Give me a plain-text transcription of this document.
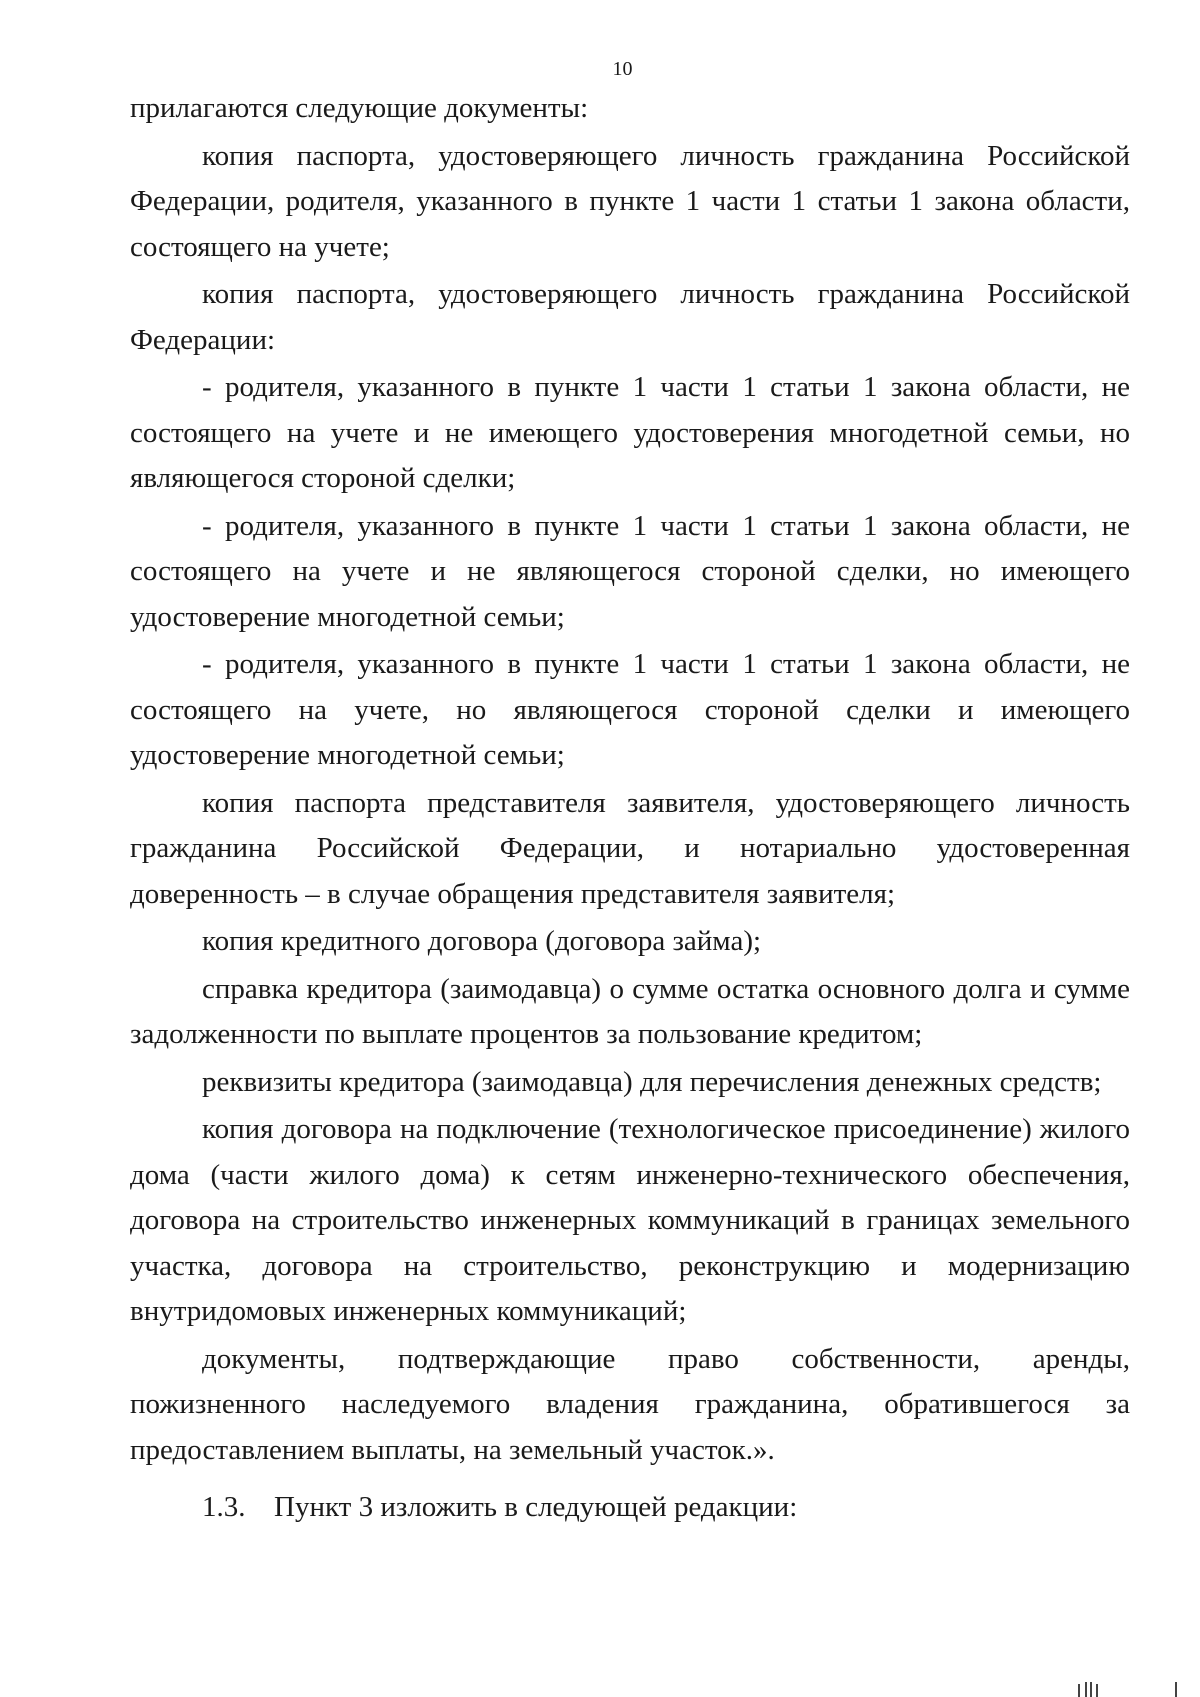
10

прилагаются следующие документы:

копия паспорта, удостоверяющего личность гражданина Российской Федерации, родителя, указанного в пункте 1 части 1 статьи 1 закона области, состоящего на учете;

копия паспорта, удостоверяющего личность гражданина Российской Федерации:

- родителя, указанного в пункте 1 части 1 статьи 1 закона области, не состоящего на учете и не имеющего удостоверения многодетной семьи, но являющегося стороной сделки;

- родителя, указанного в пункте 1 части 1 статьи 1 закона области, не состоящего на учете и не являющегося стороной сделки, но имеющего удостоверение многодетной семьи;

- родителя, указанного в пункте 1 части 1 статьи 1 закона области, не состоящего на учете, но являющегося стороной сделки и имеющего удостоверение многодетной семьи;

копия паспорта представителя заявителя, удостоверяющего личность гражданина Российской Федерации, и нотариально удостоверенная доверенность – в случае обращения представителя заявителя;

копия кредитного договора (договора займа);

справка кредитора (заимодавца) о сумме остатка основного долга и сумме задолженности по выплате процентов за пользование кредитом;

реквизиты кредитора (заимодавца) для перечисления денежных средств;

копия договора на подключение (технологическое присоединение) жилого дома (части жилого дома) к сетям инженерно-технического обеспечения, договора на строительство инженерных коммуникаций в границах земельного участка, договора на строительство, реконструкцию и модернизацию внутридомовых инженерных коммуникаций;

документы, подтверждающие право собственности, аренды, пожизненного наследуемого владения гражданина, обратившегося за предоставлением выплаты, на земельный участок.».

1.3. Пункт 3 изложить в следующей редакции:
